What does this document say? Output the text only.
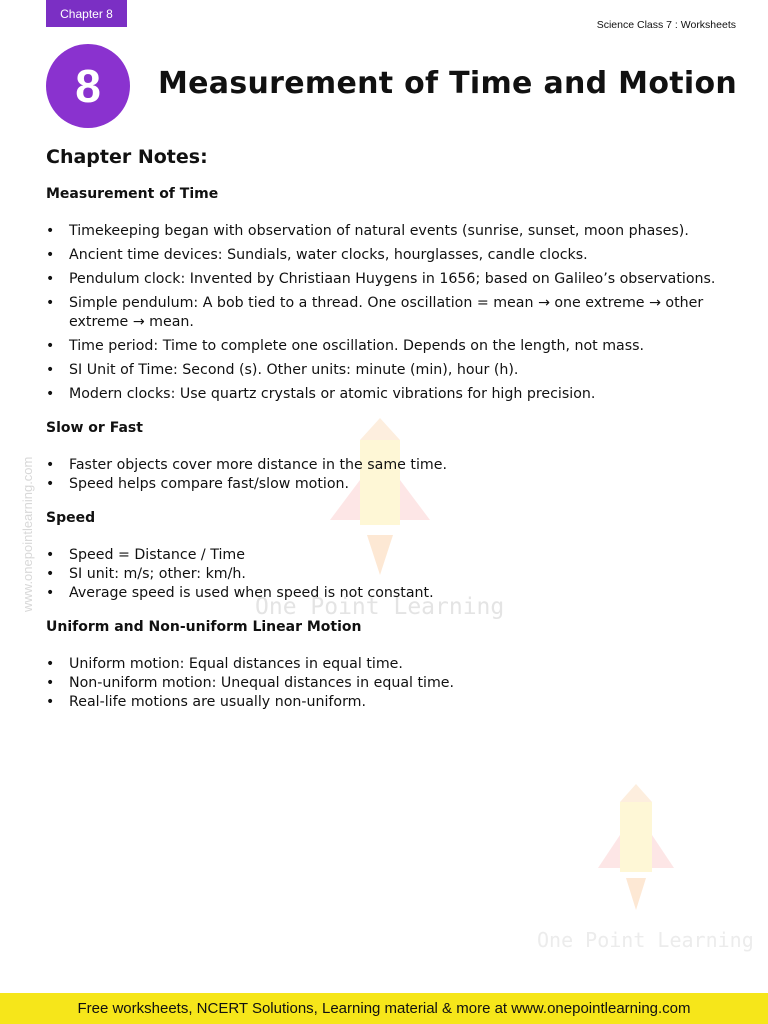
Chapter 8
Science Class 7 : Worksheets
8	Measurement of Time and Motion
www.onepointlearning.com	One Point Learning
One Point Learning
Chapter Notes:
Measurement of Time
• Timekeeping began with observation of natural events (sunrise, sunset, moon phases).
• Ancient time devices: Sundials, water clocks, hourglasses, candle clocks.
• Pendulum clock: Invented by Christiaan Huygens in 1656; based on Galileo’s observations.
• Simple pendulum: A bob tied to a thread. One oscillation = mean → one extreme → other extreme → mean.
• Time period: Time to complete one oscillation. Depends on the length, not mass.
• SI Unit of Time: Second (s). Other units: minute (min), hour (h).
• Modern clocks: Use quartz crystals or atomic vibrations for high precision.
Slow or Fast
• Faster objects cover more distance in the same time.
• Speed helps compare fast/slow motion.
Speed
• Speed = Distance / Time
• SI unit: m/s; other: km/h.
• Average speed is used when speed is not constant.
Uniform and Non-uniform Linear Motion
• Uniform motion: Equal distances in equal time.
• Non-uniform motion: Unequal distances in equal time.
• Real-life motions are usually non-uniform.
Free worksheets, NCERT Solutions, Learning material & more at www.onepointlearning.com
